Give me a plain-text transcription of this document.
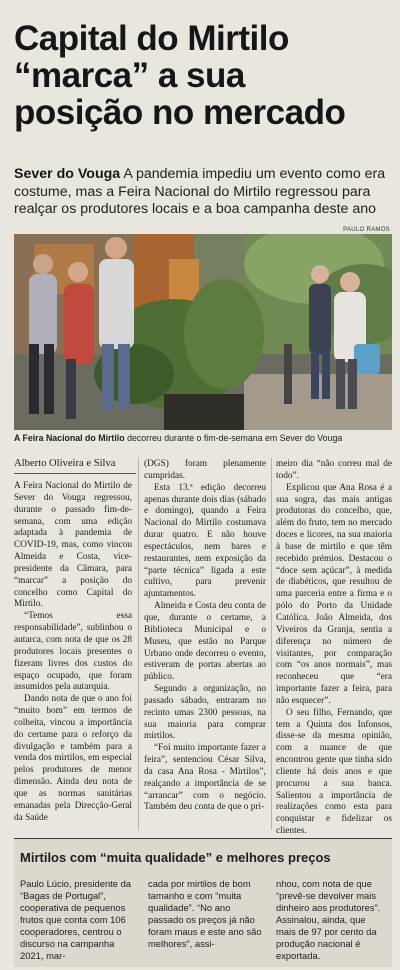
Capital do Mirtilo
“marca” a sua
posição no mercado
Sever do Vouga A pandemia impediu um evento como era costume, mas a Feira Nacional do Mirtilo regressou para realçar os produtores locais e a boa campanha deste ano
PAULO RAMOS
A Feira Nacional do Mirtilo decorreu durante o fim-de-semana em Sever do Vouga
Alberto Oliveira e Silva

A Feira Nacional do Mirtilo de Sever do Vouga regressou, durante o passado fim-de-semana, com uma edição adaptada à pandemia de COVID-19, mas, como vincou Almeida e Costa, vice-presidente da Câmara, para “marcar” a posição do concelho como Capital do Mirtilo.

“Temos essa responsabilidade”, sublinhou o autarca, com nota de que os 28 produtores locais presentes o fizeram livres dos custos do espaço ocupado, que foram assumidos pela autarquia.

Dando nota de que o ano foi “muito bom” em termos de colheita, vincou a importância do certame para o reforço da divulgação e também para a venda dos mirtilos, em especial pelos produtores de menor dimensão. Ainda deu nota de que as normas sanitárias emanadas pela Direcção-Geral da Saúde

(DGS) foram plenamente cumpridas.

Esta 13.ª edição decorreu apenas durante dois dias (sábado e domingo), quando a Feira Nacional do Mirtilo costumava durar quatro. E não houve espectáculos, nem bares e restaurantes, nem exposição da “parte técnica” ligada a este cultivo, para prevenir ajuntamentos.

Almeida e Costa deu conta de que, durante o certame, a Biblioteca Municipal e o Museu, que estão no Parque Urbano onde decorreu o evento, estiveram de portas abertas ao público.

Segundo a organização, no passado sábado, entraram no recinto umas 2300 pessoas, na sua maioria para comprar mirtilos.

“Foi muito importante fazer a feira”, sentenciou César Silva, da casa Ana Rosa - Mirtilos”, realçando a importância de se “arrancar” com o negócio. Também deu conta de que o pri-

meiro dia “não correu mal de todo”.

Explicou que Ana Rosa é a sua sogra, das mais antigas produtoras do concelho, que, além do fruto, tem no mercado doces e licores, na sua maioria à base de mirtilo e que têm recebido prémios. Destacou o “doce sem açúcar”, à medida de diabéticos, que resultou de uma parceria entre a firma e o pólo do Porto da Unidade Católica. João Almeida, dos Viveiros da Granja, sentia a diferença no número de visitantes, por comparação com “os anos normais”, mas reconheceu que “era importante fazer a feira, para não esquecer”.

O seu filho, Fernando, que tem a Quinta dos Infonsos, disse-se da mesma opinião, com a nuance de que encontrou gente que tinha sido cliente há dois anos e que procurou a sua banca. Salientou a importância de realizações como esta para conquistar e fidelizar os clientes.

Mirtilos com “muita qualidade” e melhores preços
Paulo Lúcio, presidente da “Bagas de Portugal”, cooperativa de pequenos frutos que conta com 106 cooperadores, centrou o discurso na campanha 2021, mar-
cada por mirtilos de bom tamanho e com “muita qualidade”. “No ano passado os preços já não foram maus e este ano são melhores”, assi-
nhou, com nota de que “prevê-se devolver mais dinheiro aos produtores”. Assinalou, ainda, que mais de 97 por cento da produção nacional é exportada.
